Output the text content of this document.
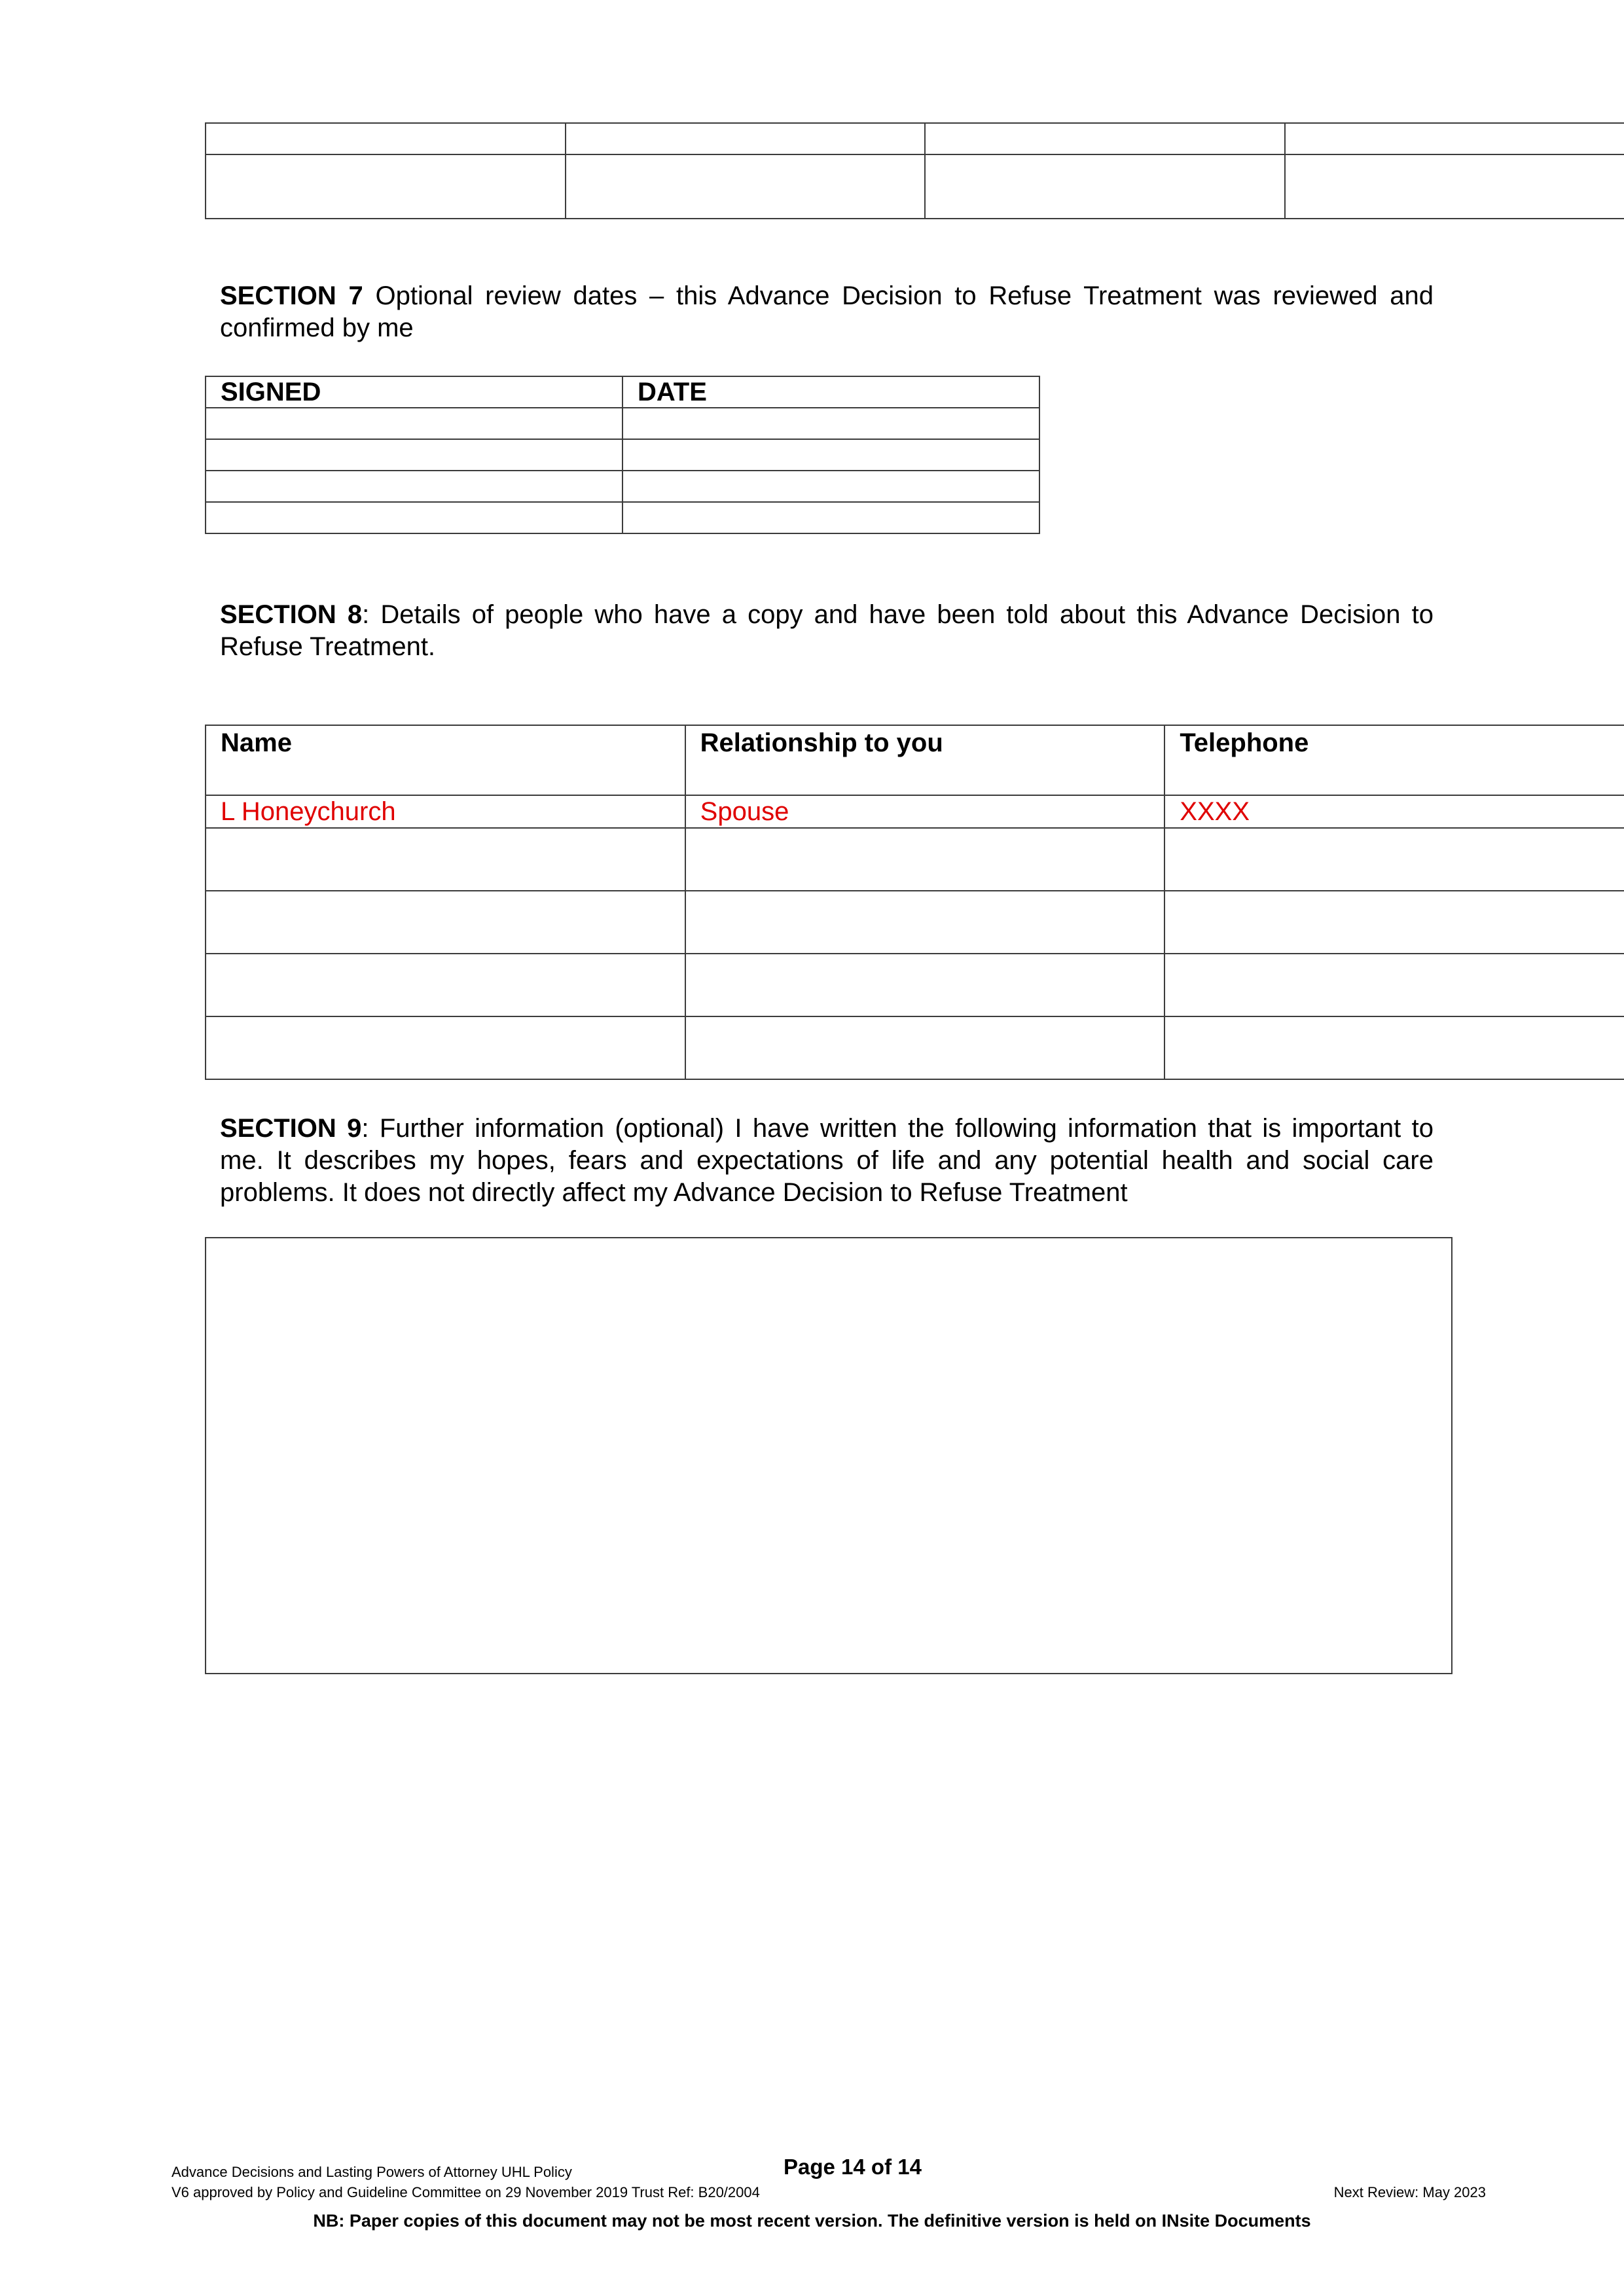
SECTION 7 Optional review dates – this Advance Decision to Refuse Treatment was reviewed and confirmed by me

SIGNED	DATE

SECTION 8: Details of people who have a copy and have been told about this Advance Decision to Refuse Treatment.

Name	Relationship to you	Telephone

L Honeychurch	Spouse	XXXX

SECTION 9: Further information (optional) I have written the following information that is important to me. It describes my hopes, fears and expectations of life and any potential health and social care problems. It does not directly affect my Advance Decision to Refuse Treatment

Advance Decisions and Lasting Powers of Attorney UHL Policy	Page 14 of 14
V6 approved by Policy and Guideline Committee on 29 November 2019 Trust Ref: B20/2004	Next Review: May 2023
NB: Paper copies of this document may not be most recent version. The definitive version is held on INsite Documents
